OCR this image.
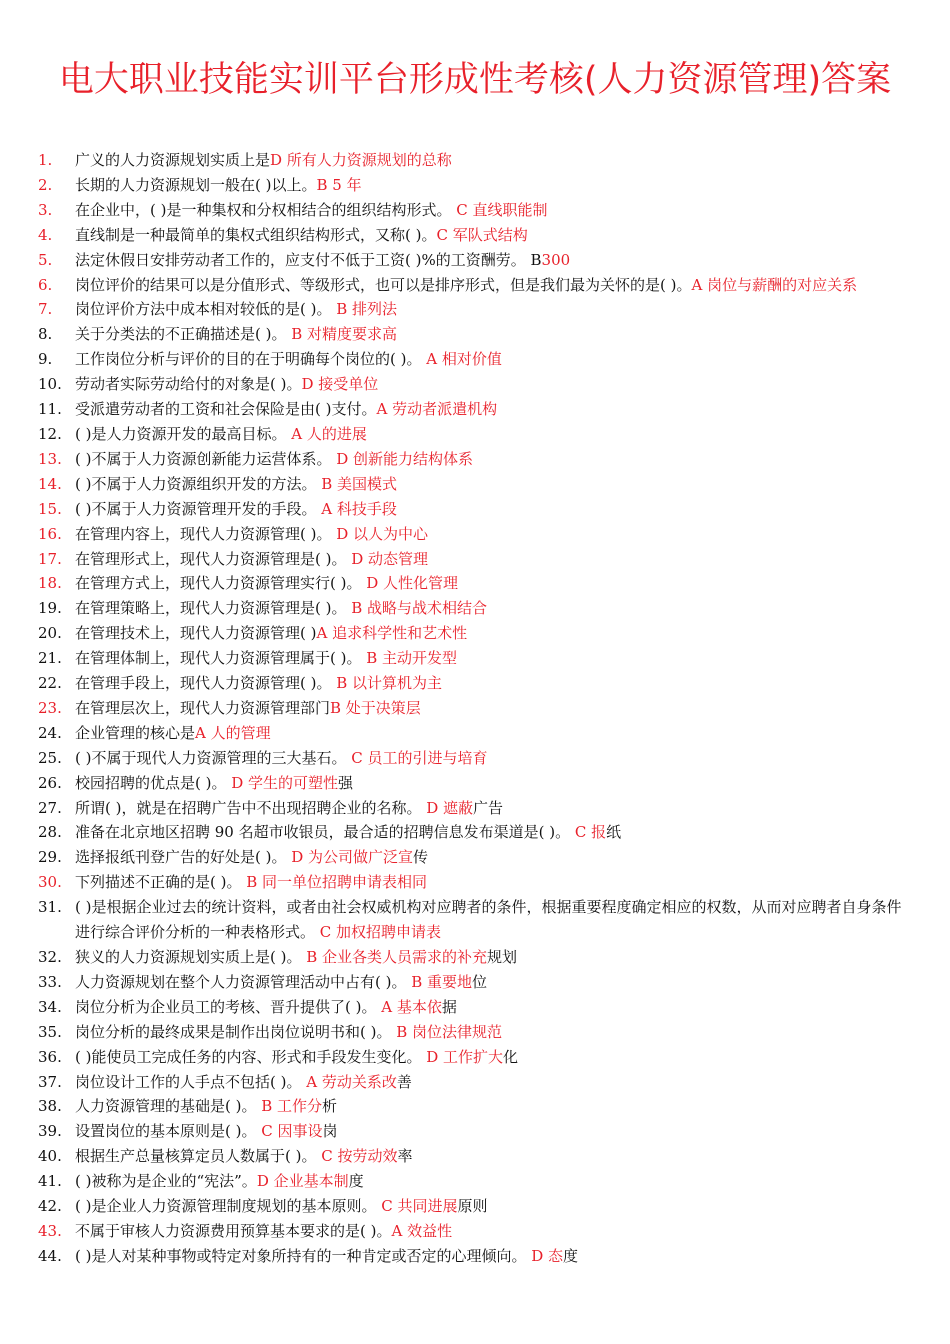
电大职业技能实训平台形成性考核(人力资源管理)答案
1.	广义的人力资源规划实质上是D 所有人力资源规划的总称
2.	长期的人力资源规划一般在( )以上。B 5 年
3.	在企业中，( )是一种集权和分权相结合的组织结构形式。 C 直线职能制
4.	直线制是一种最简单的集权式组织结构形式，又称( )。C 军队式结构
5.	法定休假日安排劳动者工作的，应支付不低于工资( )%的工资酬劳。 B300
6.	岗位评价的结果可以是分值形式、等级形式，也可以是排序形式，但是我们最为关怀的是( )。A 岗位与薪酬的对应关系
7.	岗位评价方法中成本相对较低的是( )。 B 排列法
8.	关于分类法的不正确描述是( )。 B 对精度要求高
9.	工作岗位分析与评价的目的在于明确每个岗位的( )。 A 相对价值
10. 劳动者实际劳动给付的对象是( )。D 接受单位
11. 受派遣劳动者的工资和社会保险是由( )支付。A 劳动者派遣机构
12. ( )是人力资源开发的最高目标。 A 人的进展
13. ( )不属于人力资源创新能力运营体系。 D 创新能力结构体系
14. ( )不属于人力资源组织开发的方法。 B 美国模式
15. ( )不属于人力资源管理开发的手段。 A 科技手段
16. 在管理内容上，现代人力资源管理( )。 D 以人为中心
17. 在管理形式上，现代人力资源管理是( )。 D 动态管理
18. 在管理方式上，现代人力资源管理实行( )。 D 人性化管理
19. 在管理策略上，现代人力资源管理是( )。 B 战略与战术相结合
20. 在管理技术上，现代人力资源管理( )A 追求科学性和艺术性
21. 在管理体制上，现代人力资源管理属于( )。 B 主动开发型
22. 在管理手段上，现代人力资源管理( )。 B 以计算机为主
23. 在管理层次上，现代人力资源管理部门B 处于决策层
24. 企业管理的核心是A 人的管理
25. ( )不属于现代人力资源管理的三大基石。 C 员工的引进与培育
26. 校园招聘的优点是( )。 D 学生的可塑性强
27. 所谓( )，就是在招聘广告中不出现招聘企业的名称。 D 遮蔽广告
28. 准备在北京地区招聘 90 名超市收银员，最合适的招聘信息发布渠道是( )。 C 报纸
29. 选择报纸刊登广告的好处是( )。 D 为公司做广泛宣传
30. 下列描述不正确的是( )。 B 同一单位招聘申请表相同
31. ( )是根据企业过去的统计资料，或者由社会权威机构对应聘者的条件，根据重要程度确定相应的权数，从而对应聘者自身条件进行综合评价分析的一种表格形式。 C 加权招聘申请表
32. 狭义的人力资源规划实质上是( )。 B 企业各类人员需求的补充规划
33. 人力资源规划在整个人力资源管理活动中占有( )。 B 重要地位
34. 岗位分析为企业员工的考核、晋升提供了( )。 A 基本依据
35. 岗位分析的最终成果是制作出岗位说明书和( )。 B 岗位法律规范
36. ( )能使员工完成任务的内容、形式和手段发生变化。 D 工作扩大化
37. 岗位设计工作的人手点不包括( )。 A 劳动关系改善
38. 人力资源管理的基础是( )。 B 工作分析
39. 设置岗位的基本原则是( )。 C 因事设岗
40. 根据生产总量核算定员人数属于( )。 C 按劳动效率
41. ( )被称为是企业的“宪法”。D 企业基本制度
42. ( )是企业人力资源管理制度规划的基本原则。 C 共同进展原则
43. 不属于审核人力资源费用预算基本要求的是( )。A 效益性
44. ( )是人对某种事物或特定对象所持有的一种肯定或否定的心理倾向。 D 态度
